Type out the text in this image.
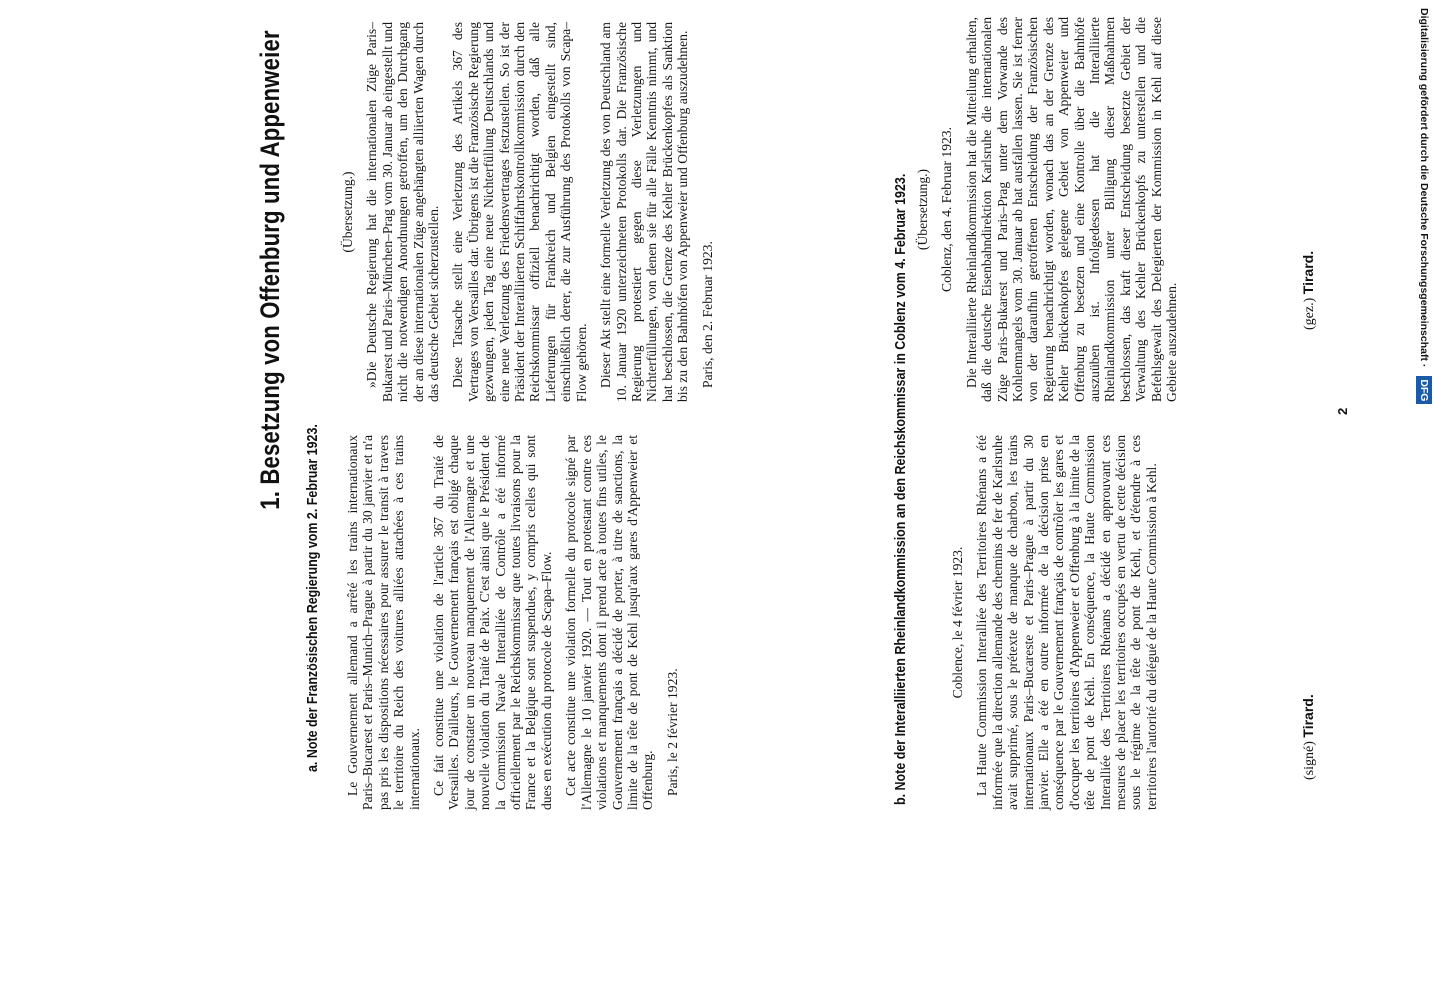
1. Besetzung von Offenburg und Appenweier
a. Note der Französischen Regierung vom 2. Februar 1923. Le Gouvernement allemand a arrêté les trains internationaux Paris–Bucarest et Paris–Munich–Prague à partir du 30 janvier et n'a pas pris les dispositions nécessaires pour assurer le transit à travers le territoire du Reich des voitures alliées attachées à ces trains internationaux. Ce fait constitue une violation de l'article 367 du Traité de Versailles. D'ailleurs, le Gouvernement français est obligé chaque jour de constater un nouveau manquement de l'Allemagne et une nouvelle violation du Traité de Paix. C'est ainsi que le Président de la Commission Navale Interalliée de Contrôle a été informé officiellement par le Reichskommissar que toutes livraisons pour la France et la Belgique sont suspendues, y compris celles qui sont dues en exécution du protocole de Scapa–Flow. Cet acte constitue une violation formelle du protocole signé par l'Allemagne le 10 janvier 1920. — Tout en protestant contre ces violations et manquements dont il prend acte à toutes fins utiles, le Gouvernement français a décidé de porter, à titre de sanctions, la limite de la tête de pont de Kehl jusqu'aux gares d'Appenweier et Offenburg. Paris, le 2 février 1923.

(Übersetzung.) »Die Deutsche Regierung hat die internationalen Züge Paris–Bukarest und Paris–München–Prag vom 30. Januar ab eingestellt und nicht die notwendigen Anordnungen getroffen, um den Durchgang der an diese internationalen Züge angehängten alliierten Wagen durch das deutsche Gebiet sicherzustellen. Diese Tatsache stellt eine Verletzung des Artikels 367 des Vertrages von Versailles dar. Übrigens ist die Französische Regierung gezwungen, jeden Tag eine neue Nichterfüllung Deutschlands und eine neue Verletzung des Friedensvertrages festzustellen. So ist der Präsident der Interalliierten Schiffahrtskontrollkommission durch den Reichskommissar offiziell benachrichtigt worden, daß alle Lieferungen für Frankreich und Belgien eingestellt sind, einschließlich derer, die zur Ausführung des Protokolls von Scapa–Flow gehören. Dieser Akt stellt eine formelle Verletzung des von Deutschland am 10. Januar 1920 unterzeichneten Protokolls dar. Die Französische Regierung protestiert gegen diese Verletzungen und Nichterfüllungen, von denen sie für alle Fälle Kenntnis nimmt, und hat beschlossen, die Grenze des Kehler Brückenkopfes als Sanktion bis zu den Bahnhöfen von Appenweier und Offenburg auszudehnen. Paris, den 2. Februar 1923.	b. Note der Interalliierten Rheinlandkommission an den Reichskommissar in Coblenz vom 4. Februar 1923.	Coblence, le 4 février 1923. La Haute Commission Interalliée des Territoires Rhénans a été informée que la direction allemande des chemins de fer de Karlsruhe avait supprimé, sous le prétexte de manque de charbon, les trains internationaux Paris–Bucareste et Paris–Prague à partir du 30 janvier. Elle a été en outre informée de la décision prise en conséquence par le Gouvernement français de contrôler les gares et d'occuper les territoires d'Appenweier et Offenburg à la limite de la tête de pont de Kehl. En conséquence, la Haute Commission Interalliée des Territoires Rhénans a décidé en approuvant ces mesures de placer les territoires occupés en vertu de cette décision sous le régime de la tête de pont de Kehl, et d'étendre à ces territoires l'autorité du délégué de la Haute Commission à Kehl.	(signé) Tirard.

(Übersetzung.) Coblenz, den 4. Februar 1923. Die Interalliierte Rheinlandkommission hat die Mitteilung erhalten, daß die deutsche Eisenbahndirektion Karlsruhe die internationalen Züge Paris–Bukarest und Paris–Prag unter dem Vorwande des Kohlenmangels vom 30. Januar ab hat ausfallen lassen. Sie ist ferner von der daraufhin getroffenen Entscheidung der Französischen Regierung benachrichtigt worden, wonach das an der Grenze des Kehler Brückenkopfes gelegene Gebiet von Appenweier und Offenburg zu besetzen und eine Kontrolle über die Bahnhöfe auszuüben ist. Infolgedessen hat die Interalliierte Rheinlandkommission unter Billigung dieser Maßnahmen beschlossen, das kraft dieser Entscheidung besetzte Gebiet der Verwaltung des Kehler Brückenkopfs zu unterstellen und die Befehlsgewalt des Delegierten der Kommission in Kehl auf diese Gebiete auszudehnen.	(gez.) Tirard.
2
Digitalisierung gefördert durch die Deutsche Forschungsgemeinschaft · DFG
